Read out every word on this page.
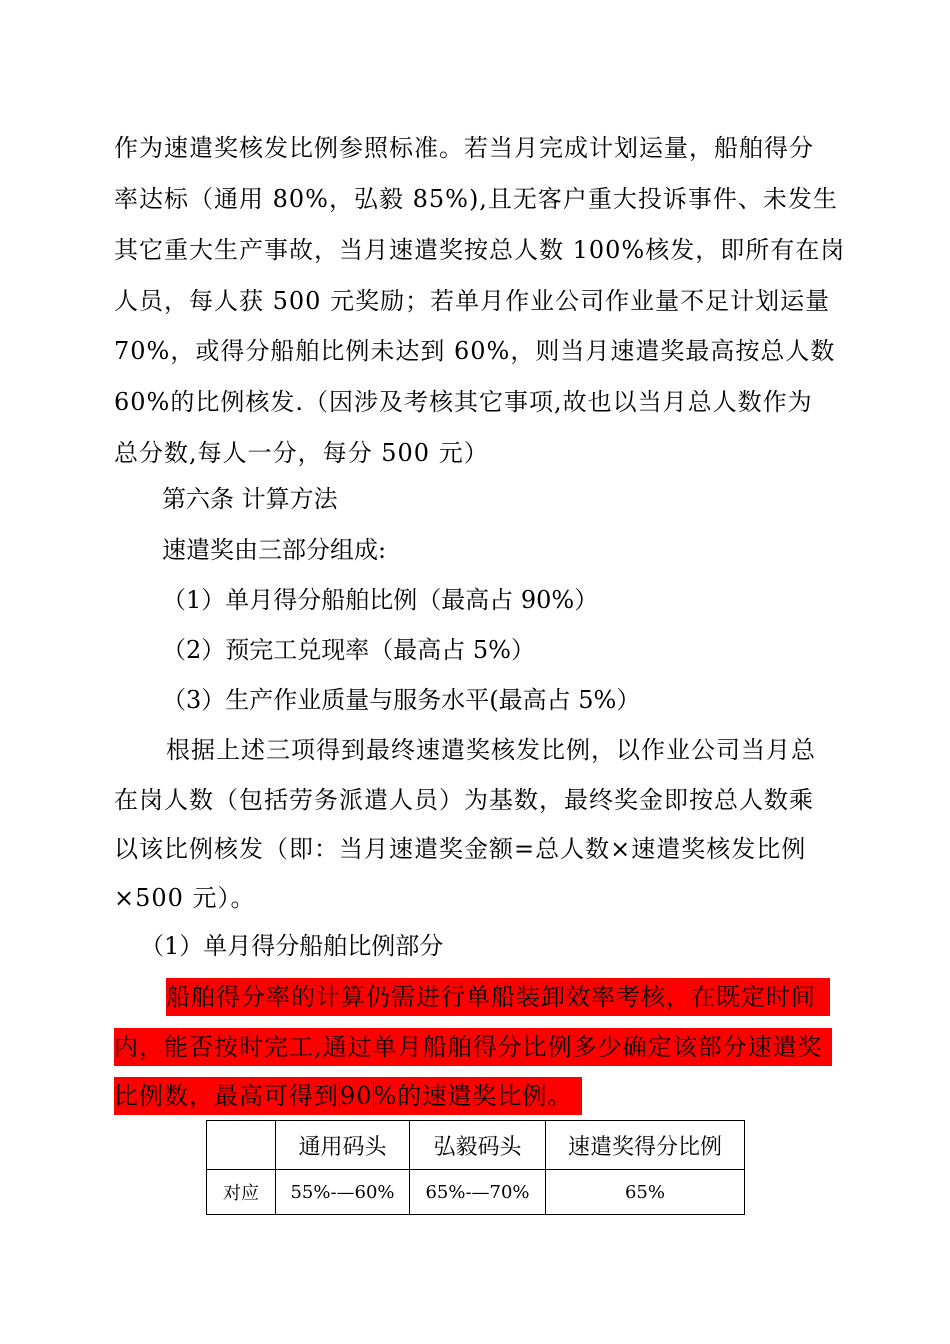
作为速遣奖核发比例参照标准。若当月完成计划运量，船舶得分
率达标（通用 80%，弘毅 85%),且无客户重大投诉事件、未发生
其它重大生产事故，当月速遣奖按总人数 100%核发，即所有在岗
人员，每人获 500 元奖励；若单月作业公司作业量不足计划运量
70%，或得分船舶比例未达到 60%，则当月速遣奖最高按总人数
60%的比例核发.（因涉及考核其它事项,故也以当月总人数作为
总分数,每人一分，每分 500 元）
第六条 计算方法
速遣奖由三部分组成:
（1）单月得分船舶比例（最高占 90%）
（2）预完工兑现率（最高占 5%）
（3）生产作业质量与服务水平(最高占 5%）
根据上述三项得到最终速遣奖核发比例，以作业公司当月总
在岗人数（包括劳务派遣人员）为基数，最终奖金即按总人数乘
以该比例核发（即：当月速遣奖金额=总人数×速遣奖核发比例
×500 元）。
（1）单月得分船舶比例部分
船舶得分率的计算仍需进行单船装卸效率考核，在既定时间
内，能否按时完工,通过单月船舶得分比例多少确定该部分速遣奖
比例数，最高可得到90%的速遣奖比例。
	通用码头	弘毅码头	速遣奖得分比例
对应	55%-—60%	65%-—70%	65%
